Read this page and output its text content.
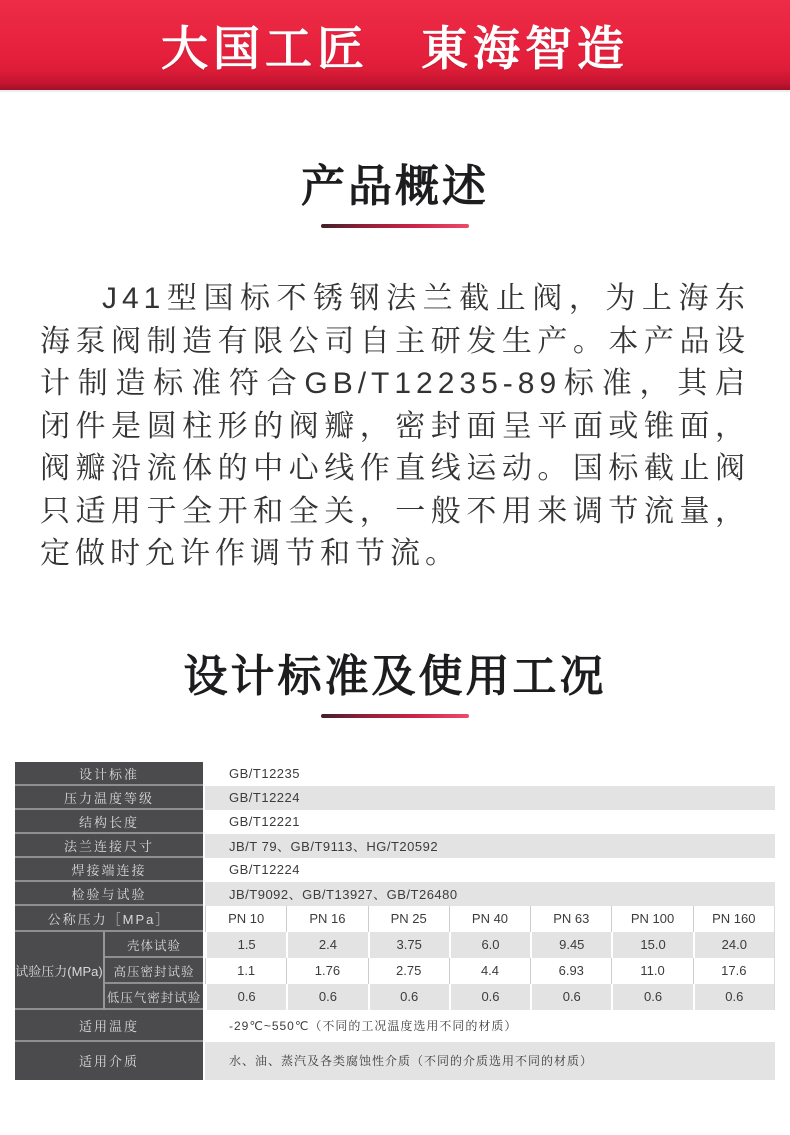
大国工匠　東海智造
产品概述

J41型国标不锈钢法兰截止阀，为上海东海泵阀制造有限公司自主研发生产。本产品设计制造标准符合GB/T12235-89标准，其启闭件是圆柱形的阀瓣，密封面呈平面或锥面，阀瓣沿流体的中心线作直线运动。国标截止阀只适用于全开和全关，一般不用来调节流量，定做时允许作调节和节流。

设计标准及使用工况
设计标准	GB/T12235
压力温度等级	GB/T12224
结构长度	GB/T12221
法兰连接尺寸	JB/T 79、GB/T9113、HG/T20592
焊接端连接	GB/T12224
检验与试验	JB/T9092、GB/T13927、GB/T26480
公称压力［MPa］	PN 10	PN 16	PN 25	PN 40	PN 63	PN 100	PN 160
试验压力(MPa)
壳体试验	1.5	2.4	3.75	6.0	9.45	15.0	24.0
高压密封试验	1.1	1.76	2.75	4.4	6.93	11.0	17.6
低压气密封试验	0.6	0.6	0.6	0.6	0.6	0.6	0.6
适用温度	-29℃~550℃（不同的工况温度选用不同的材质）
适用介质	水、油、蒸汽及各类腐蚀性介质（不同的介质选用不同的材质）
